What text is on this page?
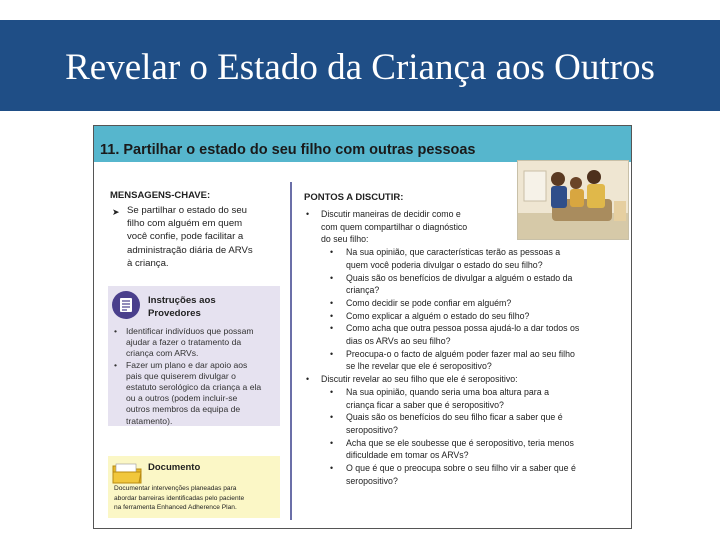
Revelar o Estado da Criança aos Outros
11. Partilhar o estado do seu filho com outras pessoas
MENSAGENS-CHAVE:
➤ Se partilhar o estado do seu
filho com alguém em quem
você confie, pode facilitar a
administração diária de ARVs
à criança.
Instruções aos
Provedores
• Identificar indivíduos que possam
ajudar a fazer o tratamento da
criança com ARVs.
• Fazer um plano e dar apoio aos
pais que quiserem divulgar o
estatuto serológico da criança a ela
ou a outros (podem incluir-se
outros membros da equipa de
tratamento).
Documento
Documentar intervenções planeadas para
abordar barreiras identificadas pelo paciente
na ferramenta Enhanced Adherence Plan.
PONTOS A DISCUTIR:
• Discutir maneiras de decidir como e
com quem compartilhar o diagnóstico
do seu filho:
• Na sua opinião, que características terão as pessoas a
quem você poderia divulgar o estado do seu filho?
• Quais são os benefícios de divulgar a alguém o estado da
criança?
• Como decidir se pode confiar em alguém?
• Como explicar a alguém o estado do seu filho?
• Como acha que outra pessoa possa ajudá-lo a dar todos os
dias os ARVs ao seu filho?
• Preocupa-o o facto de alguém poder fazer mal ao seu filho
se lhe revelar que ele é seropositivo?
• Discutir revelar ao seu filho que ele é seropositivo:
• Na sua opinião, quando seria uma boa altura para a
criança ficar a saber que é seropositivo?
• Quais são os benefícios do seu filho ficar a saber que é
seropositivo?
• Acha que se ele soubesse que é seropositivo, teria menos
dificuldade em tomar os ARVs?
• O que é que o preocupa sobre o seu filho vir a saber que é
seropositivo?
